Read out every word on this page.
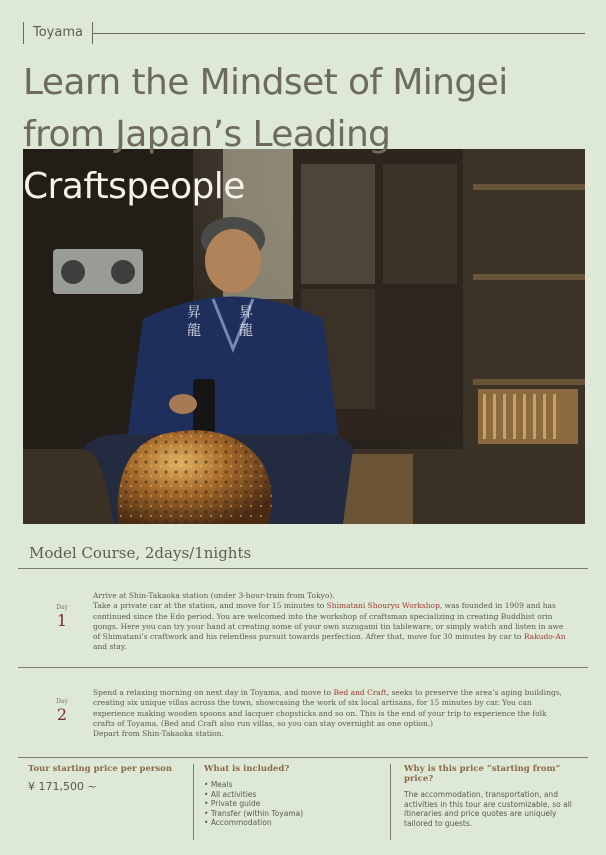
Toyama
Learn the Mindset of Mingei
from Japan’s Leading
Craftspeople
昇
龍
昇
龍
Model Course, 2days/1nights
Day
1
Arrive at Shin-Takaoka station (under 3-hour-train from Tokyo).
Take a private car at the station, and move for 15 minutes to Shimatani Shouryu Workshop, was founded in 1909 and has continued since the Edo period. You are welcomed into the workshop of craftsman specializing in creating Buddhist orin gongs. Here you can try your hand at creating some of your own suzugami tin tableware, or simply watch and listen in awe of Shimatani’s craftwork and his relentless pursuit towards perfection. After that, move for 30 minutes by car to Rakudo-An and stay.
Day
2
Spend a relaxing morning on next day in Toyama, and move to Bed and Craft, seeks to preserve the area’s aging buildings, creating six unique villas across the town, showcasing the work of six local artisans, for 15 minutes by car. You can experience making wooden spoons and lacquer chopsticks and so on. This is the end of your trip to experience the folk crafts of Toyama. (Bed and Craft also run villas, so you can stay overnight as one option.)
Depart from Shin-Takaoka station.
Tour starting price per person
¥ 171,500 ~
What is included?
• Meals
• All activities
• Private guide
• Transfer (within Toyama)
• Accommodation
Why is this price “starting from” price?

The accommodation, transportation, and activities in this tour are customizable, so all itineraries and price quotes are uniquely tailored to guests.
